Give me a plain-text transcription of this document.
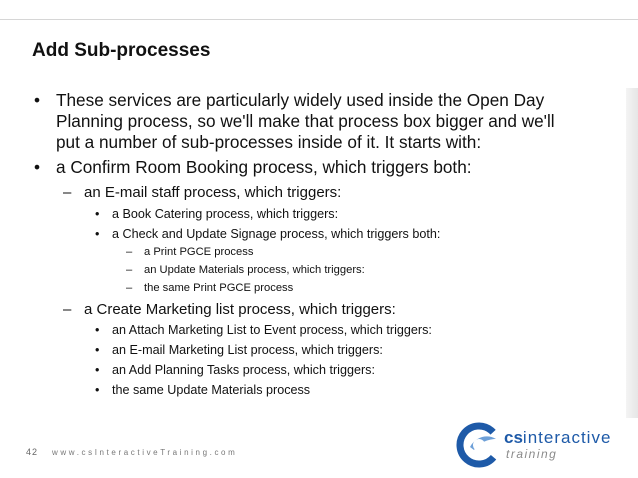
Add Sub-processes
• These services are particularly widely used inside the Open Day
Planning process, so we'll make that process box bigger and we'll
put a number of sub-processes inside of it. It starts with:
• a Confirm Room Booking process, which triggers both:
– an E-mail staff process, which triggers:
• a Book Catering process, which triggers:
• a Check and Update Signage process, which triggers both:
– a Print PGCE process
– an Update Materials process, which triggers:
– the same Print PGCE process
– a Create Marketing list process, which triggers:
• an Attach Marketing List to Event process, which triggers:
• an E-mail Marketing List process, which triggers:
• an Add Planning Tasks process, which triggers:
• the same Update Materials process
42 www.csInteractiveTraining.com
csinteractive
training
